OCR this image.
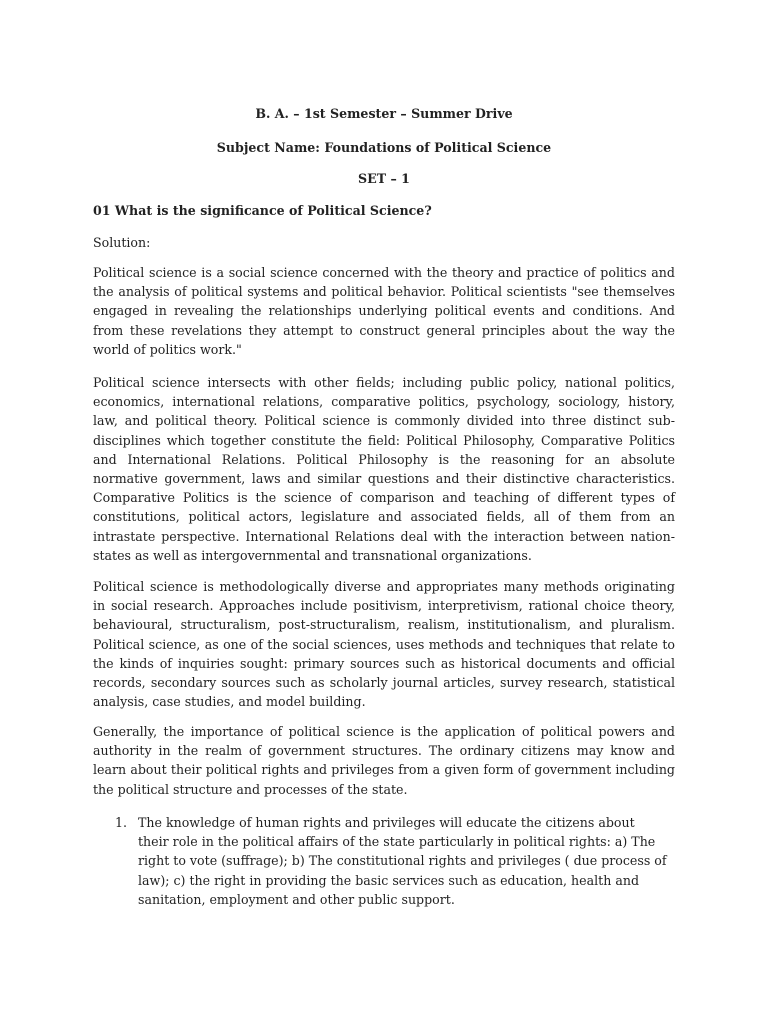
B. A. – 1st Semester – Summer Drive

Subject Name: Foundations of Political Science

SET – 1

01 What is the significance of Political Science?

Solution:

Political science is a social science concerned with the theory and practice of politics and the analysis of political systems and political behavior. Political scientists "see themselves engaged in revealing the relationships underlying political events and conditions. And from these revelations they attempt to construct general principles about the way the world of politics work."

Political science intersects with other fields; including public policy, national politics, economics, international relations, comparative politics, psychology, sociology, history, law, and political theory. Political science is commonly divided into three distinct sub-disciplines which together constitute the field: Political Philosophy, Comparative Politics and International Relations. Political Philosophy is the reasoning for an absolute normative government, laws and similar questions and their distinctive characteristics. Comparative Politics is the science of comparison and teaching of different types of constitutions, political actors, legislature and associated fields, all of them from an intrastate perspective. International Relations deal with the interaction between nation-states as well as intergovernmental and transnational organizations.

Political science is methodologically diverse and appropriates many methods originating in social research. Approaches include positivism, interpretivism, rational choice theory, behavioural, structuralism, post-structuralism, realism, institutionalism, and pluralism. Political science, as one of the social sciences, uses methods and techniques that relate to the kinds of inquiries sought: primary sources such as historical documents and official records, secondary sources such as scholarly journal articles, survey research, statistical analysis, case studies, and model building.

Generally, the importance of political science is the application of political powers and authority in the realm of government structures. The ordinary citizens may know and learn about their political rights and privileges from a given form of government including the political structure and processes of the state.

1. The knowledge of human rights and privileges will educate the citizens about their role in the political affairs of the state particularly in political rights: a) The right to vote (suffrage); b) The constitutional rights and privileges ( due process of law); c) the right in providing the basic services such as education, health and sanitation, employment and other public support.
